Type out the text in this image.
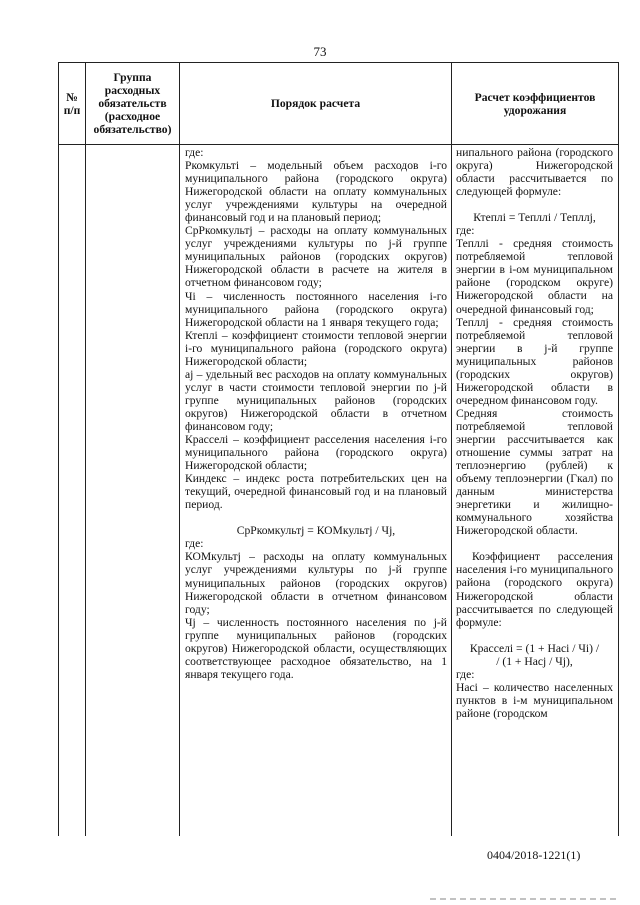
73
№
п/п
Группа
расходных
обязательств
(расходное
обязательство)
Порядок расчета	Расчет коэффициентов
удорожания

где:

Ркомкульті – модельный объем расходов і-го муниципального района (городского округа) Нижегородской области на оплату коммунальных услуг учреждениями культуры на очередной финансовый год и на плановый период;

СрРкомкультј – расходы на оплату коммунальных услуг учреждениями культуры по j-й группе муниципальных районов (городских округов) Нижегородской области в расчете на жителя в отчетном финансовом году;

Чі – численность постоянного населения і-го муниципального района (городского округа) Нижегородской области на 1 января текущего года;

Ктеплі – коэффициент стоимости тепловой энергии і-го муниципального района (городского округа) Нижегородской области;

aj – удельный вес расходов на оплату коммунальных услуг в части стоимости тепловой энергии по j-й группе муниципальных районов (городских округов) Нижегородской области в отчетном финансовом году;

Красселі – коэффициент расселения населения і-го муниципального района (городского округа) Нижегородской области;

Киндекс – индекс роста потребительских цен на текущий, очередной финансовый год и на плановый период.

СрРкомкультј = КОМкультј / Чј,

где:

КОМкультј – расходы на оплату коммунальных услуг учреждениями культуры по j-й группе муниципальных районов (городских округов) Нижегородской области в отчетном финансовом году;

Чј – численность постоянного населения по j-й группе муниципальных районов (городских округов) Нижегородской области, осуществляющих соответствующее расходное обязательство, на 1 января текущего года.

нипального района (городского округа) Нижегородской области рассчитывается по следующей формуле:

Ктеплі = Тепллі / Тепллј,

где:

Тепллі - средняя стоимость потребляемой тепловой энергии в і-ом муниципальном районе (городском округе) Нижегородской области на очередной финансовый год;

Тепллј - средняя стоимость потребляемой тепловой энергии в j-й группе муниципальных районов (городских округов) Нижегородской области в очередном финансовом году.

Средняя стоимость потребляемой тепловой энергии рассчитывается как отношение суммы затрат на теплоэнергию (рублей) к объему теплоэнергии (Гкал) по данным министерства энергетики и жилищно-коммунального хозяйства Нижегородской области.

Коэффициент расселения населения і-го муниципального района (городского округа) Нижегородской области рассчитывается по следующей формуле:

Красселі = (1 + Насі / Чі) /

/ (1 + Насј / Чј),

где:

Насі – количество населенных пунктов в і-м муниципальном районе (городском

0404/2018-1221(1)
